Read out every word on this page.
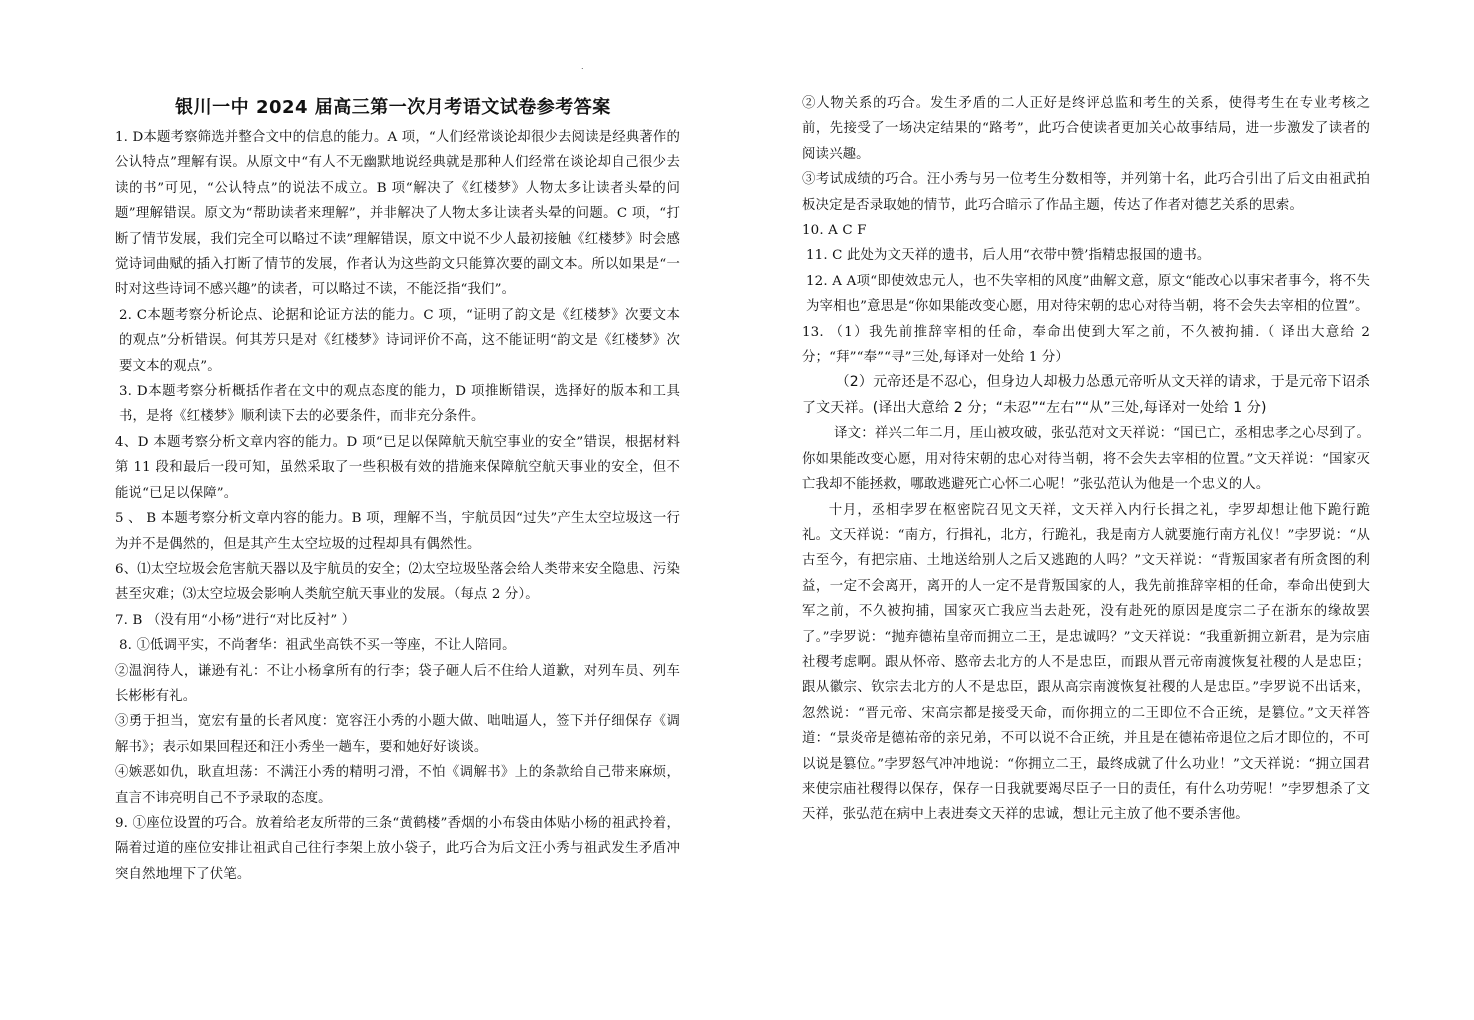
.
银川一中 2024 届高三第一次月考语文试卷参考答案

1. D本题考察筛选并整合文中的信息的能力。A 项，“人们经常谈论却很少去阅读是经典著作的公认特点”理解有误。从原文中“有人不无幽默地说经典就是那种人们经常在谈论却自己很少去读的书”可见，“公认特点”的说法不成立。B 项“解决了《红楼梦》人物太多让读者头晕的问题”理解错误。原文为“帮助读者来理解”，并非解决了人物太多让读者头晕的问题。C 项，“打断了情节发展，我们完全可以略过不读”理解错误，原文中说不少人最初接触《红楼梦》时会感觉诗词曲赋的插入打断了情节的发展，作者认为这些韵文只能算次要的副文本。所以如果是“一时对这些诗词不感兴趣”的读者，可以略过不读，不能泛指“我们”。

2. C本题考察分析论点、论据和论证方法的能力。C 项，“证明了韵文是《红楼梦》次要文本的观点”分析错误。何其芳只是对《红楼梦》诗词评价不高，这不能证明“韵文是《红楼梦》次要文本的观点”。

3. D本题考察分析概括作者在文中的观点态度的能力，D 项推断错误，选择好的版本和工具书，是将《红楼梦》顺利读下去的必要条件，而非充分条件。

4、D 本题考察分析文章内容的能力。D 项“已足以保障航天航空事业的安全”错误，根据材料第 11 段和最后一段可知，虽然采取了一些积极有效的措施来保障航空航天事业的安全，但不能说“已足以保障”。

5 、 B 本题考察分析文章内容的能力。B 项，理解不当，宇航员因“过失”产生太空垃圾这一行为并不是偶然的，但是其产生太空垃圾的过程却具有偶然性。

6、⑴太空垃圾会危害航天器以及宇航员的安全；⑵太空垃圾坠落会给人类带来安全隐患、污染甚至灾难；⑶太空垃圾会影响人类航空航天事业的发展。（每点 2 分）。

7. B （没有用“小杨”进行“对比反衬” ）

8. ①低调平实，不尚奢华：祖武坐高铁不买一等座，不让人陪同。

②温润待人，谦逊有礼：不让小杨拿所有的行李；袋子砸人后不住给人道歉，对列车员、列车长彬彬有礼。

③勇于担当，宽宏有量的长者风度：宽容汪小秀的小题大做、咄咄逼人，签下并仔细保存《调解书》；表示如果回程还和汪小秀坐一趟车，要和她好好谈谈。

④嫉恶如仇，耿直坦荡：不满汪小秀的精明刁滑，不怕《调解书》上的条款给自己带来麻烦，直言不讳亮明自己不予录取的态度。

9. ①座位设置的巧合。放着给老友所带的三条“黄鹤楼”香烟的小布袋由体贴小杨的祖武拎着，隔着过道的座位安排让祖武自己往行李架上放小袋子，此巧合为后文汪小秀与祖武发生矛盾冲突自然地埋下了伏笔。

②人物关系的巧合。发生矛盾的二人正好是终评总监和考生的关系，使得考生在专业考核之前，先接受了一场决定结果的“路考”，此巧合使读者更加关心故事结局，进一步激发了读者的阅读兴趣。

③考试成绩的巧合。汪小秀与另一位考生分数相等，并列第十名，此巧合引出了后文由祖武拍板决定是否录取她的情节，此巧合暗示了作品主题，传达了作者对德艺关系的思索。

10. A C F

11. C 此处为文天祥的遗书，后人用“衣带中赞’指精忠报国的遗书。

12. A A项“即使效忠元人，也不失宰相的风度”曲解文意，原文“能改心以事宋者事今，将不失为宰相也”意思是“你如果能改变心愿，用对待宋朝的忠心对待当朝，将不会失去宰相的位置”。

13. （1）我先前推辞宰相的任命，奉命出使到大军之前，不久被拘捕.（ 译出大意给 2 分；“拜”“奉”“寻”三处,每译对一处给 1 分）

（2）元帝还是不忍心，但身边人却极力怂恿元帝听从文天祥的请求，于是元帝下诏杀了文天祥。(译出大意给 2 分；“未忍”“左右”“从”三处,每译对一处给 1 分)

译文：祥兴二年二月，厓山被攻破，张弘范对文天祥说：“国已亡，丞相忠孝之心尽到了。你如果能改变心愿，用对待宋朝的忠心对待当朝，将不会失去宰相的位置。”文天祥说：“国家灭亡我却不能拯救，哪敢逃避死亡心怀二心呢！”张弘范认为他是一个忠义的人。

十月，丞相孛罗在枢密院召见文天祥，文天祥入内行长揖之礼，孛罗却想让他下跪行跪礼。文天祥说：“南方，行揖礼，北方，行跪礼，我是南方人就要施行南方礼仪！”孛罗说：“从古至今，有把宗庙、土地送给别人之后又逃跑的人吗？”文天祥说：“背叛国家者有所贪图的利益，一定不会离开，离开的人一定不是背叛国家的人，我先前推辞宰相的任命，奉命出使到大军之前，不久被拘捕，国家灭亡我应当去赴死，没有赴死的原因是度宗二子在浙东的缘故罢了。”孛罗说：“抛弃德祐皇帝而拥立二王，是忠诚吗？”文天祥说：“我重新拥立新君，是为宗庙社稷考虑啊。跟从怀帝、愍帝去北方的人不是忠臣，而跟从晋元帝南渡恢复社稷的人是忠臣；跟从徽宗、钦宗去北方的人不是忠臣，跟从高宗南渡恢复社稷的人是忠臣。”孛罗说不出话来，忽然说：“晋元帝、宋高宗都是接受天命，而你拥立的二王即位不合正统，是篡位。”文天祥答道：“景炎帝是德祐帝的亲兄弟，不可以说不合正统，并且是在德祐帝退位之后才即位的，不可以说是篡位。”孛罗怒气冲冲地说：“你拥立二王，最终成就了什么功业！”文天祥说：“拥立国君来使宗庙社稷得以保存，保存一日我就要竭尽臣子一日的责任，有什么功劳呢！”孛罗想杀了文天祥，张弘范在病中上表进奏文天祥的忠诚，想让元主放了他不要杀害他。
